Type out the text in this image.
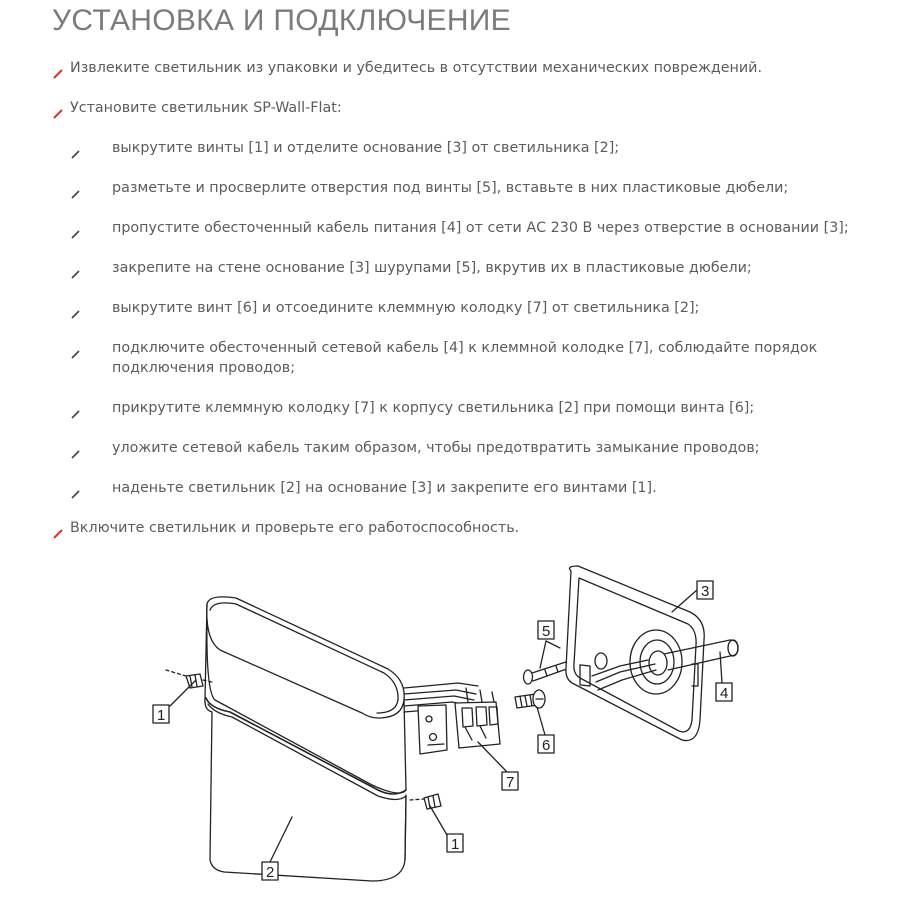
УСТАНОВКА И ПОДКЛЮЧЕНИЕ
Извлеките светильник из упаковки и убедитесь в отсутствии механических повреждений.
Установите светильник SP-Wall-Flat:
выкрутите винты [1] и отделите основание [3] от светильника [2];
разметьте и просверлите отверстия под винты [5], вставьте в них пластиковые дюбели;
пропустите обесточенный кабель питания [4] от сети АС 230 В через отверстие в основании [3];
закрепите на стене основание [3] шурупами [5], вкрутив их в пластиковые дюбели;
выкрутите винт [6] и отсоедините клеммную колодку [7] от светильника [2];
подключите обесточенный сетевой кабель [4] к клеммной колодке [7], соблюдайте порядок
подключения проводов;
прикрутите клеммную колодку [7] к корпусу светильника [2] при помощи винта [6];
уложите сетевой кабель таким образом, чтобы предотвратить замыкание проводов;
наденьте светильник [2] на основание [3] и закрепите его винтами [1].
Включите светильник и проверьте его работоспособность.
1
1
2
3
4
5
6
7
